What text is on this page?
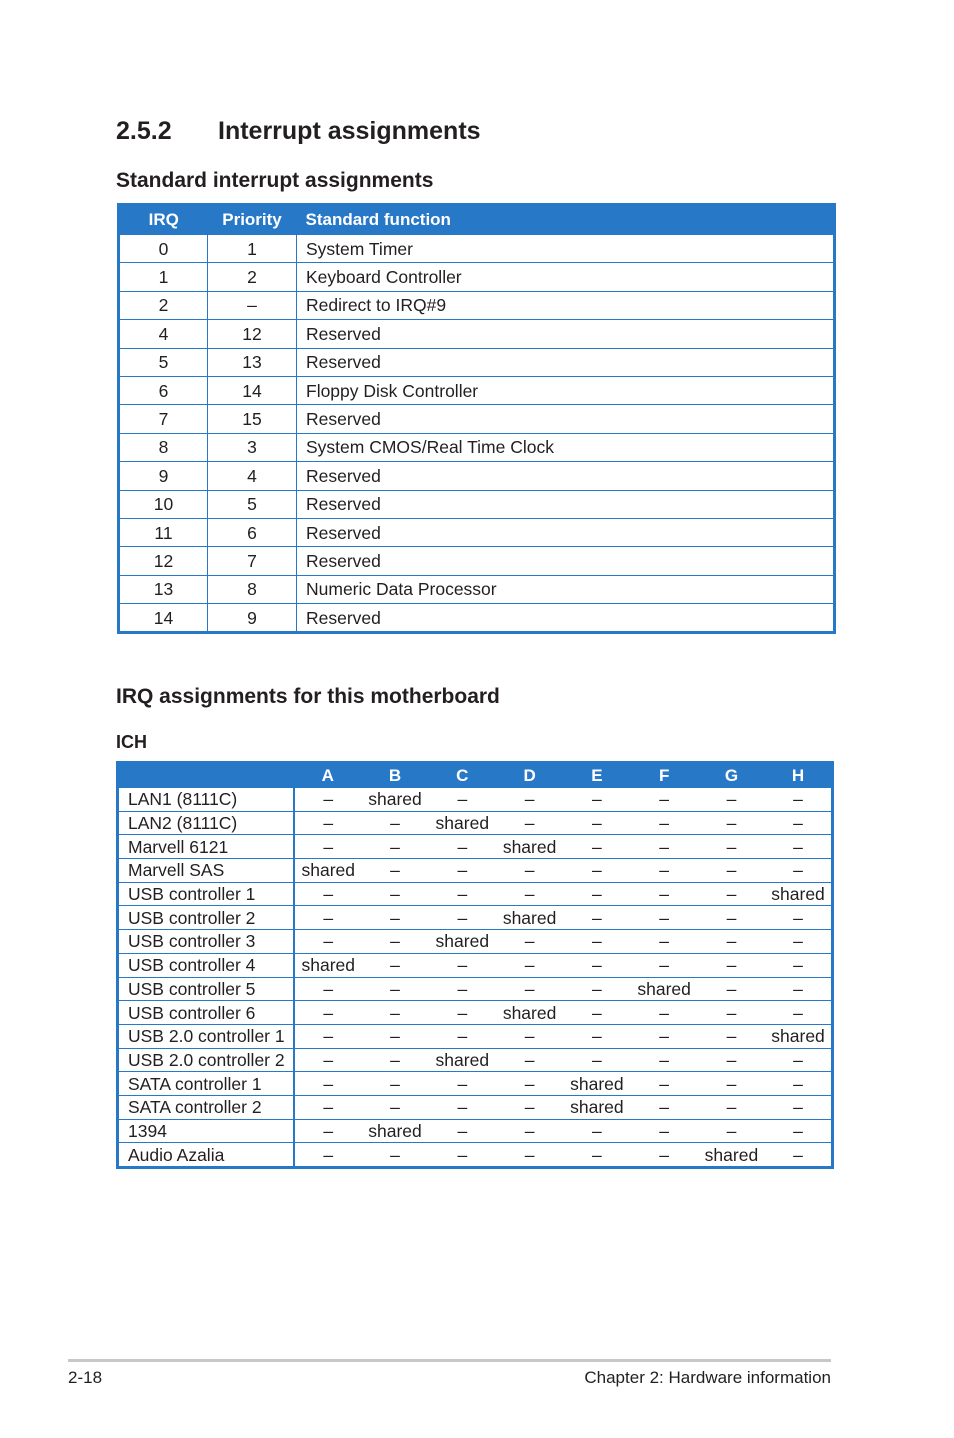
2.5.2 Interrupt assignments
Standard interrupt assignments
IRQ	Priority	Standard function
0	1	System Timer
1	2	Keyboard Controller
2	–	Redirect to IRQ#9
4	12	Reserved
5	13	Reserved
6	14	Floppy Disk Controller
7	15	Reserved
8	3	System CMOS/Real Time Clock
9	4	Reserved
10	5	Reserved
11	6	Reserved
12	7	Reserved
13	8	Numeric Data Processor
14	9	Reserved
IRQ assignments for this motherboard
ICH
	A	B	C	D	E	F	G	H
LAN1 (8111C)	–	shared	–	–	–	–	–	–
LAN2 (8111C)	–	–	shared	–	–	–	–	–
Marvell 6121	–	–	–	shared	–	–	–	–
Marvell SAS	shared	–	–	–	–	–	–	–
USB controller 1	–	–	–	–	–	–	–	shared
USB controller 2	–	–	–	shared	–	–	–	–
USB controller 3	–	–	shared	–	–	–	–	–
USB controller 4	shared	–	–	–	–	–	–	–
USB controller 5	–	–	–	–	–	shared	–	–
USB controller 6	–	–	–	shared	–	–	–	–
USB 2.0 controller 1	–	–	–	–	–	–	–	shared
USB 2.0 controller 2	–	–	shared	–	–	–	–	–
SATA controller 1	–	–	–	–	shared	–	–	–
SATA controller 2	–	–	–	–	shared	–	–	–
1394	–	shared	–	–	–	–	–	–
Audio Azalia	–	–	–	–	–	–	shared	–
2-18	Chapter 2: Hardware information
